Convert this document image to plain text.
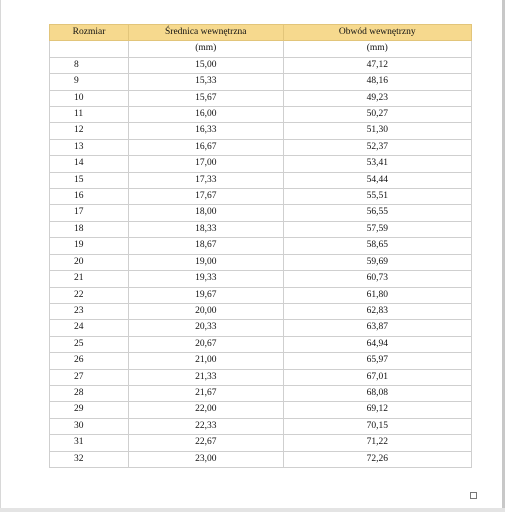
Rozmiar	Średnica wewnętrzna	Obwód wewnętrzny
	(mm)	(mm)
8	15,00	47,12
9	15,33	48,16
10	15,67	49,23
11	16,00	50,27
12	16,33	51,30
13	16,67	52,37
14	17,00	53,41
15	17,33	54,44
16	17,67	55,51
17	18,00	56,55
18	18,33	57,59
19	18,67	58,65
20	19,00	59,69
21	19,33	60,73
22	19,67	61,80
23	20,00	62,83
24	20,33	63,87
25	20,67	64,94
26	21,00	65,97
27	21,33	67,01
28	21,67	68,08
29	22,00	69,12
30	22,33	70,15
31	22,67	71,22
32	23,00	72,26
